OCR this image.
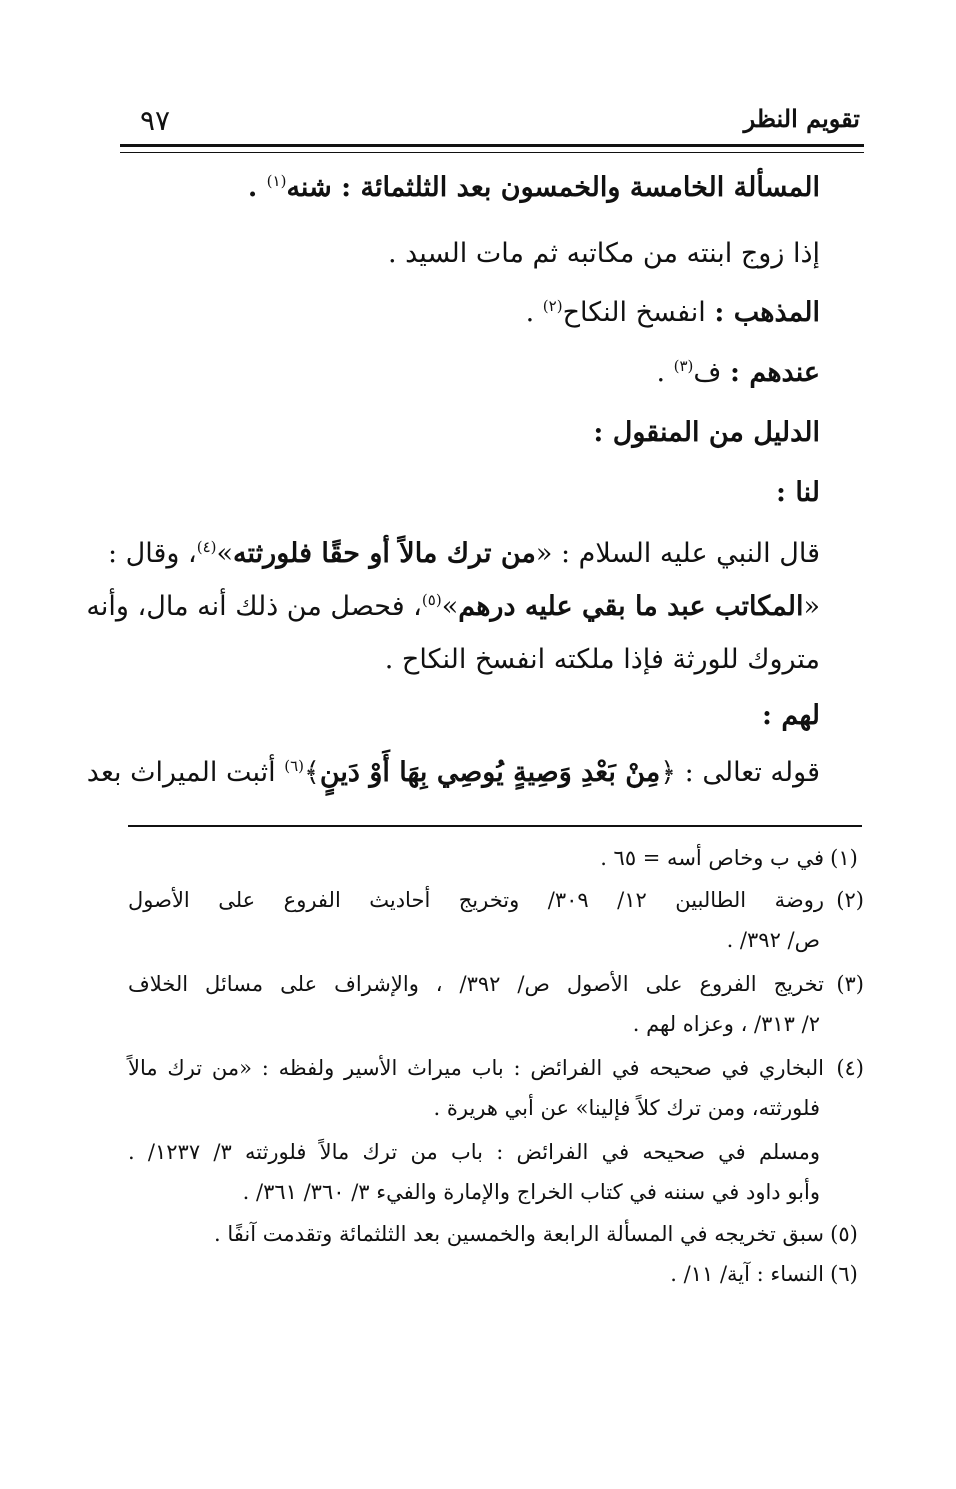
تقويم النظر
٩٧
المسألة الخامسة والخمسون بعد الثلثمائة : شنه$^{(١)}$ .
إذا زوج ابنته من مكاتبه ثم مات السيد .
المذهب : انفسخ النكاح$^{(٢)}$ .
عندهم : ف$^{(٣)}$ .
الدليل من المنقول :
لنا :
قال النبي عليه السلام : «من ترك مالاً أو حقًا فلورثته»$^{(٤)}$، وقال :
«المكاتب عبد ما بقي عليه درهم»$^{(٥)}$، فحصل من ذلك أنه مال، وأنه
متروك للورثة فإذا ملكته انفسخ النكاح .
لهم :
قوله تعالى : ﴿مِنْ بَعْدِ وَصِيةٍ يُوصِي بِهَا أَوْ دَينٍ﴾$^{(٦)}$ أثبت الميراث بعد
(١)في ب وخاص أسه = ٦٥ .
(٢)روضة الطالبين ١٢/ ٣٠٩/ وتخريج أحاديث الفروع على الأصول
ص/ ٣٩٢/ .
(٣)تخريج الفروع على الأصول ص/ ٣٩٢/ ، والإشراف على مسائل الخلاف
٢/ ٣١٣/ ، وعزاه لهم .
(٤)البخاري في صحيحه في الفرائض : باب ميراث الأسير ولفظه : «من ترك مالاً
فلورثته، ومن ترك كلاً فإلينا» عن أبي هريرة .
ومسلم في صحيحه في الفرائض : باب من ترك مالاً فلورثته ٣/ ١٢٣٧/ .
وأبو داود في سننه في كتاب الخراج والإمارة والفيء ٣/ ٣٦٠/ ٣٦١/ .
(٥)سبق تخريجه في المسألة الرابعة والخمسين بعد الثلثمائة وتقدمت آنفًا .
(٦)النساء : آية/ ١١/ .
